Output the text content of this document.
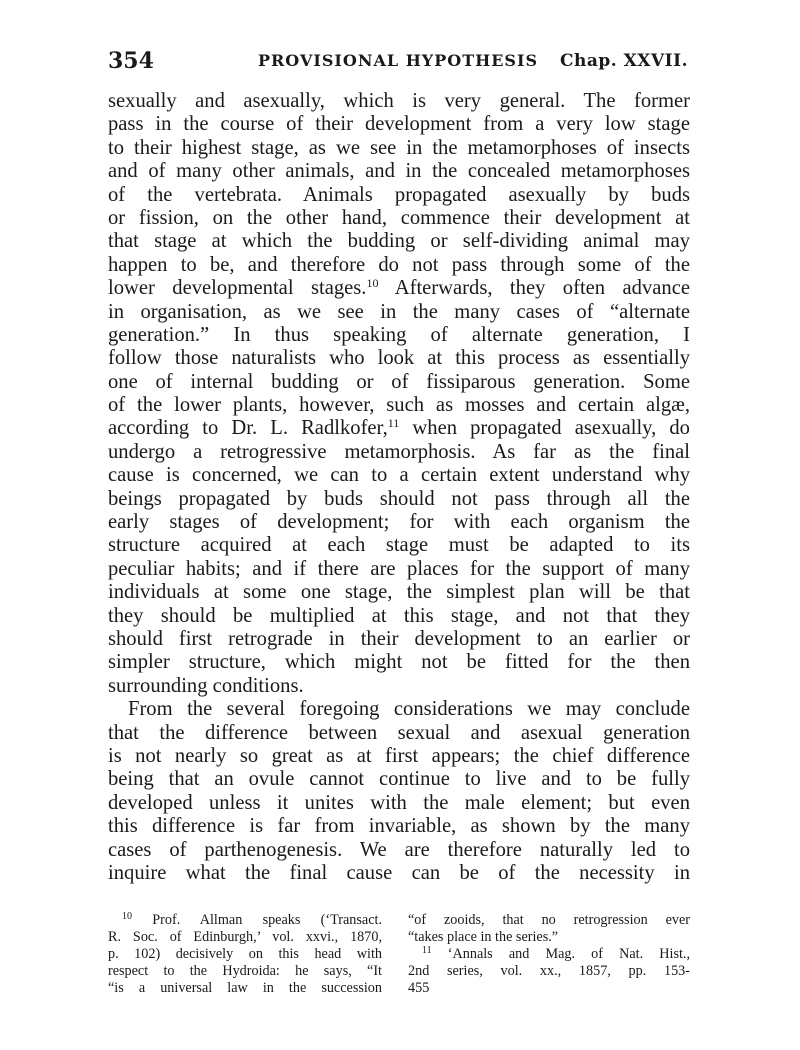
354	PROVISIONAL HYPOTHESIS	Chap. XXVII.
sexually and asexually, which is very general. The former
pass in the course of their development from a very low stage
to their highest stage, as we see in the metamorphoses of insects
and of many other animals, and in the concealed metamorphoses
of the vertebrata. Animals propagated asexually by buds
or fission, on the other hand, commence their development at
that stage at which the budding or self-dividing animal may
happen to be, and therefore do not pass through some of the
lower developmental stages.$^{10}$ Afterwards, they often advance
in organisation, as we see in the many cases of “alternate
generation.” In thus speaking of alternate generation, I
follow those naturalists who look at this process as essentially
one of internal budding or of fissiparous generation. Some
of the lower plants, however, such as mosses and certain algæ,
according to Dr. L. Radlkofer,$^{11}$ when propagated asexually, do
undergo a retrogressive metamorphosis. As far as the final
cause is concerned, we can to a certain extent understand why
beings propagated by buds should not pass through all the
early stages of development; for with each organism the
structure acquired at each stage must be adapted to its
peculiar habits; and if there are places for the support of many
individuals at some one stage, the simplest plan will be that
they should be multiplied at this stage, and not that they
should first retrograde in their development to an earlier or
simpler structure, which might not be fitted for the then
surrounding conditions.
From the several foregoing considerations we may conclude
that the difference between sexual and asexual generation
is not nearly so great as at first appears; the chief difference
being that an ovule cannot continue to live and to be fully
developed unless it unites with the male element; but even
this difference is far from invariable, as shown by the many
cases of parthenogenesis. We are therefore naturally led to
inquire what the final cause can be of the necessity in
$^{10}$ Prof. Allman speaks (‘Transact.
R. Soc. of Edinburgh,’ vol. xxvi., 1870,
p. 102) decisively on this head with
respect to the Hydroida: he says, “It
“is a universal law in the succession
“of zooids, that no retrogression ever
“takes place in the series.”
$^{11}$ ‘Annals and Mag. of Nat. Hist.,
2nd series, vol. xx., 1857, pp. 153-
455
